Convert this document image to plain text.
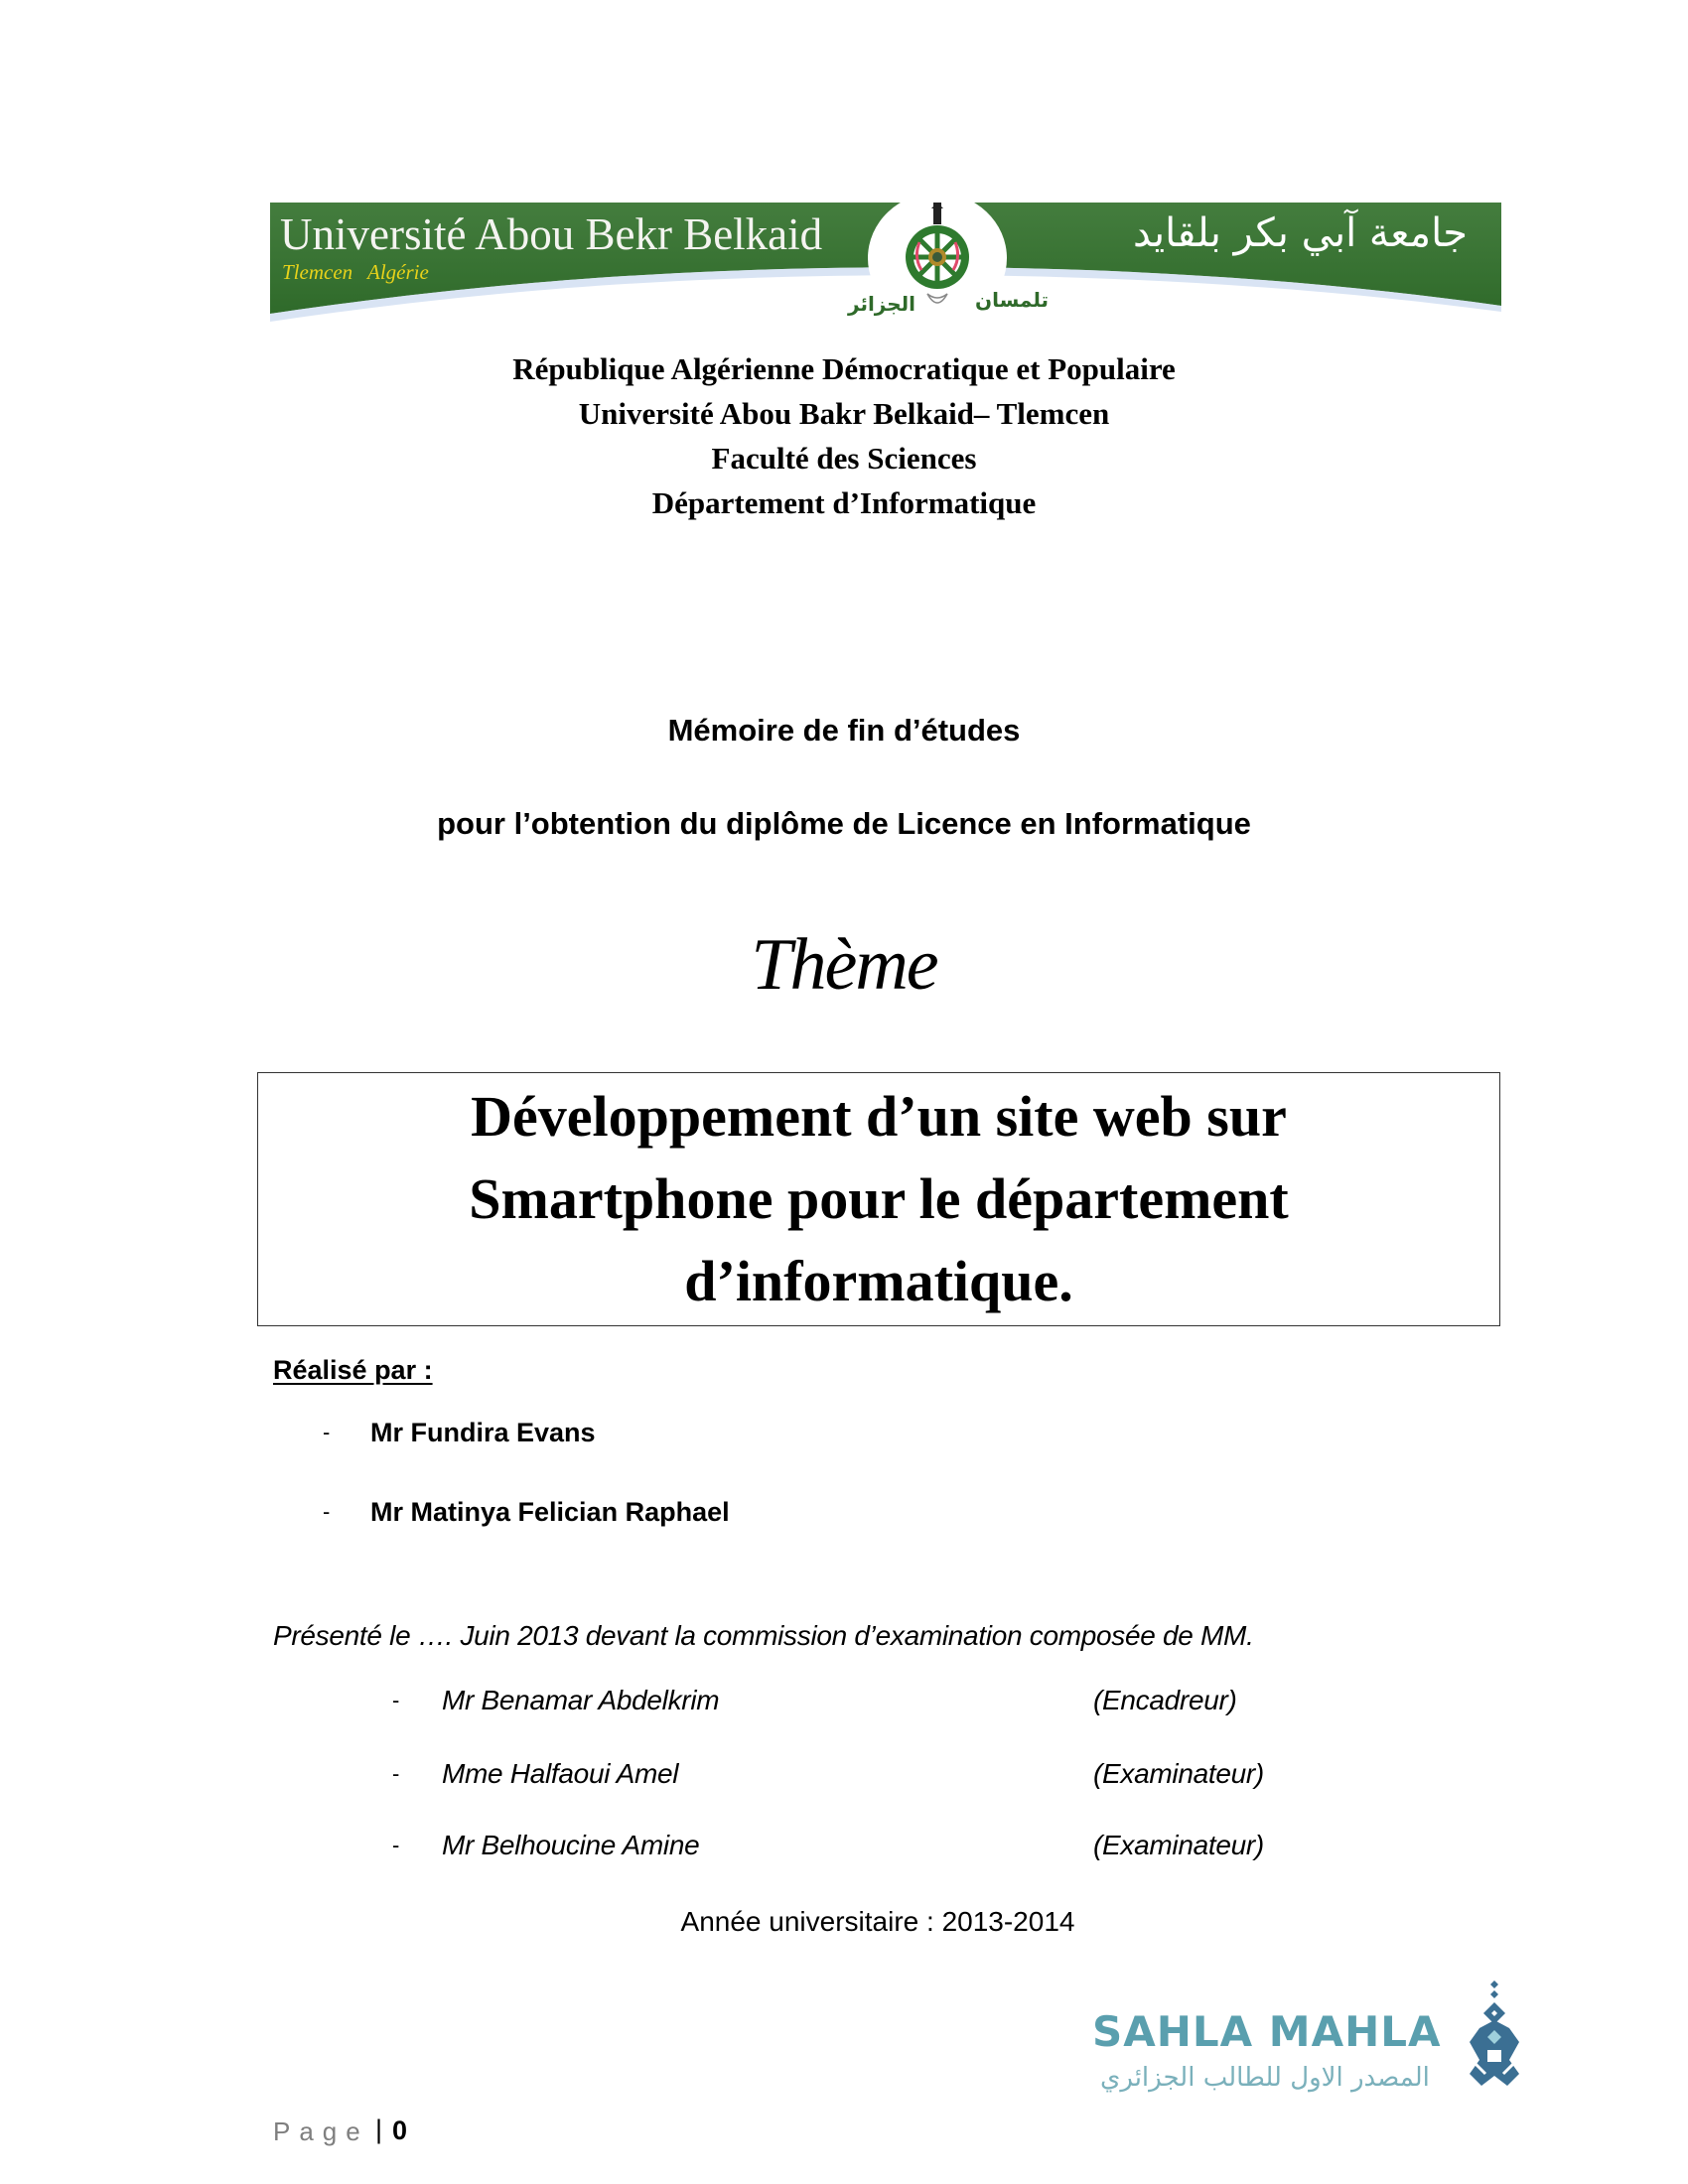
Université Abou Bekr Belkaid
Tlemcen Algérie
جامعة آبي بكر بلقايد
تلمسان
الجزائر
République Algérienne Démocratique et Populaire
Université Abou Bakr Belkaid– Tlemcen
Faculté des Sciences
Département d’Informatique
Mémoire de fin d’études
pour l’obtention du diplôme de Licence en Informatique
Thème
Développement d’un site web sur
Smartphone pour le département
d’informatique.
Réalisé par :
- Mr Fundira Evans
- Mr Matinya Felician Raphael
Présenté le …. Juin 2013 devant la commission d’examination composée de MM.
- Mr Benamar Abdelkrim	(Encadreur)
- Mme Halfaoui Amel	(Examinateur)
- Mr Belhoucine Amine	(Examinateur)
Année universitaire : 2013-2014
SAHLA MAHLA
المصدر الاول للطالب الجزائري
Page | 0
